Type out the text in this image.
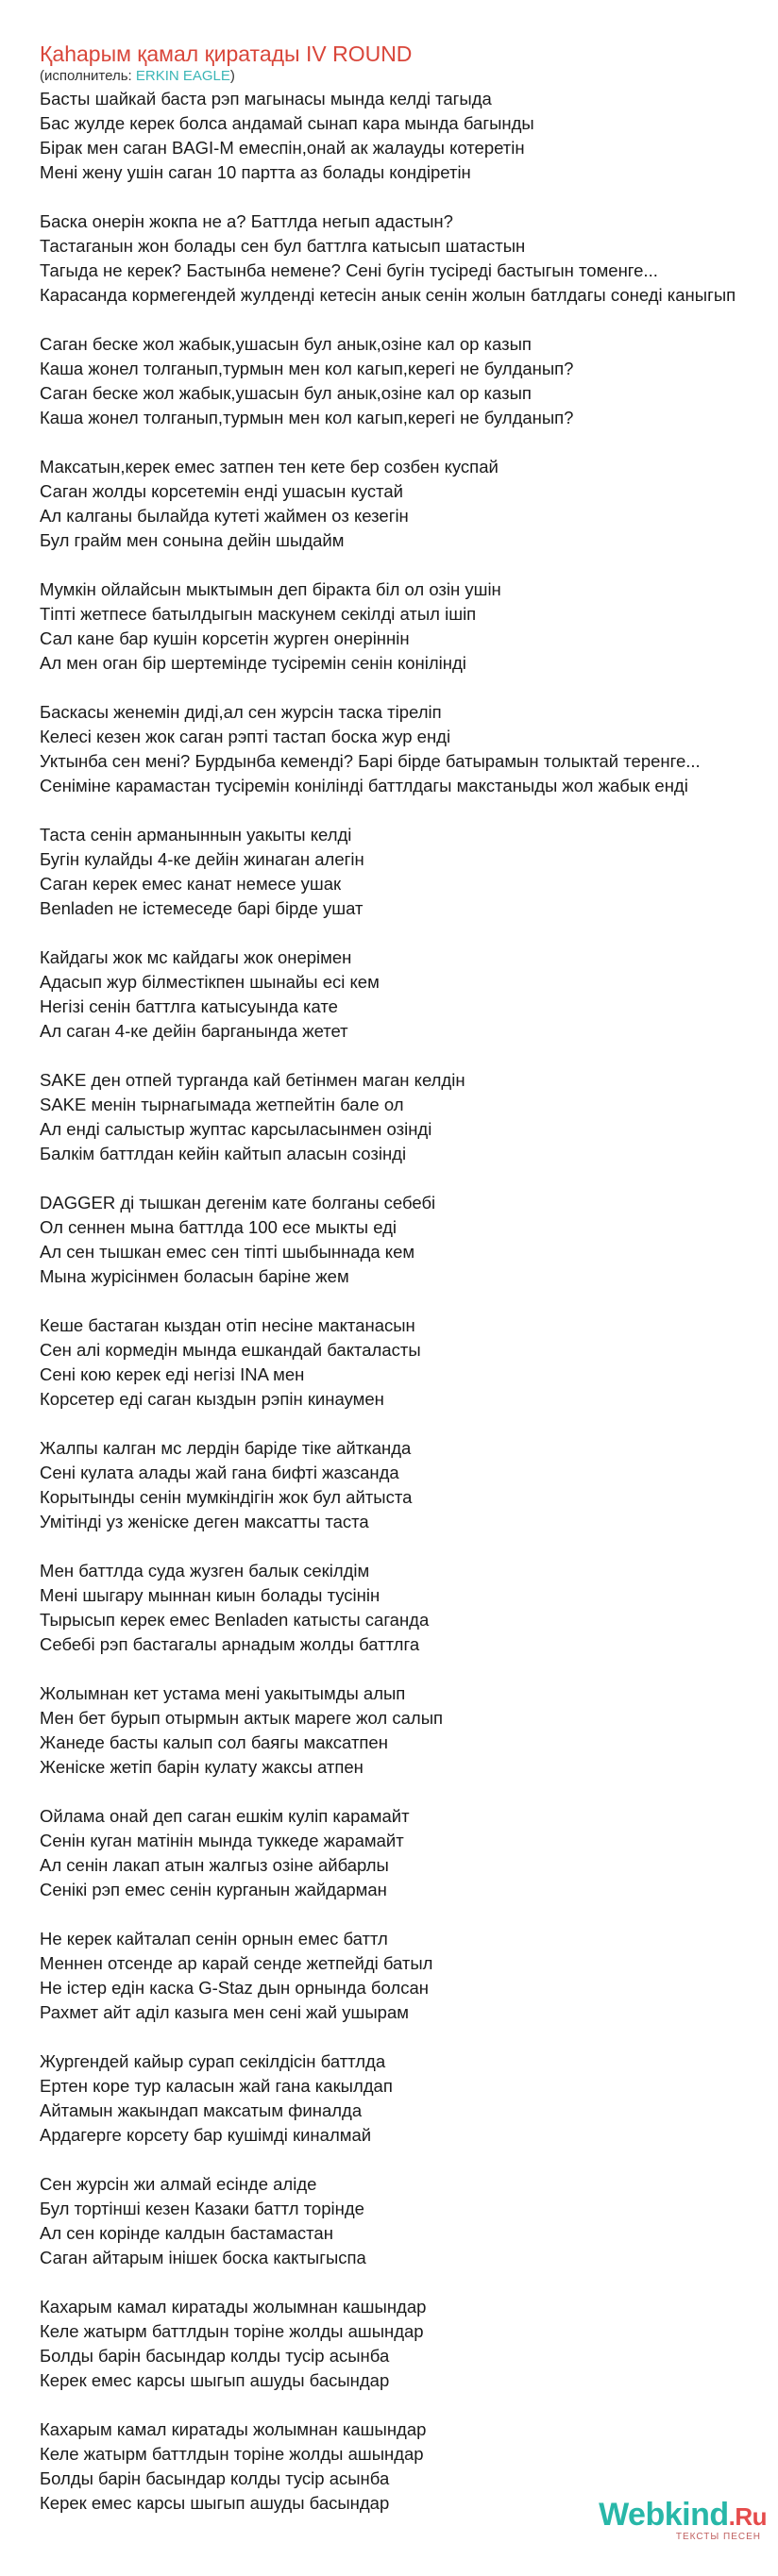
Қаһарым қамал қиратады IV ROUND
(исполнитель: ERKIN EAGLE)
Басты шайкай баста рэп магынасы мында келдi тагыда
Бас жулде керек болса андамай сынап кара мында багынды
Бiрак мен саган BAGI-M емеспiн,онай ак жалауды котеретiн
Менi жену ушiн саган 10 партта аз болады кондiретiн
Баска онерiн жокпа не а? Баттлда негып адастын?
Тастаганын жон болады сен бул баттлга катысып шатастын
Тагыда не керек? Бастынба немене? Сенi бугiн тусiредi бастыгын томенге...
Карасанда кормегендей жулдендi кетесiн анык сенiн жолын батлдагы сонедi каныгып
Саган беске жол жабык,ушасын бул анык,озiне кал ор казып
Каша жонел толганып,турмын мен кол кагып,керегi не булданып?
Саган беске жол жабык,ушасын бул анык,озiне кал ор казып
Каша жонел толганып,турмын мен кол кагып,керегi не булданып?
Максатын,керек емес затпен тен кете бер созбен куспай
Саган жолды корсетемiн ендi ушасын кустай
Ал калганы былайда кутетi жаймен оз кезегiн
Бул грайм мен сонына дейiн шыдайм
Мумкiн ойлайсын мыктымын деп бiракта бiл ол озiн ушiн
Тiптi жетпесе батылдыгын маскунем секiлдi атыл iшiп
Сал кане бар кушiн корсетiн журген онерiннiн
Ал мен оган бiр шертемiнде тусiремiн сенiн конiлiнді
Баскасы женемiн дидi,ал сен журсiн таска тiрелiп
Келесi кезен жок саган рэпті тастап боска жур ендi
Уктынба сен менi? Бурдынба кеменді? Барi бiрде батырамын толыктай теренге...
Сенiмiне карамастан тусiремiн конiлiндi баттлдагы макстаныды жол жабык ендi
Таста сенiн арманыннын уакыты келдi
Бугiн кулайды 4-ке дейiн жинаган алегiн
Саган керек емес канат немесе ушак
Benladen не iстемеседе барi бiрде ушат
Кайдагы жок мс кайдагы жок онерiмен
Адасып жур бiлместiкпен шынайы есi кем
Негiзi сенiн баттлга катысуында кате
Ал саган 4-ке дейiн барганында жетет
SAKE ден отпей турганда кай бетiнмен маган келдiн
SAKE менiн тырнагымада жетпейтiн бале ол
Ал ендi салыстыр жуптас карсыласынмен озiндi
Балкiм баттлдан кейiн кайтып аласын созiндi
DAGGER дi тышкан дегенiм кате болганы себебi
Ол сеннен мына баттлда 100 есе мыкты едi
Ал сен тышкан емес сен тiптi шыбыннада кем
Мына журiсiнмен боласын барiне жем
Кеше бастаган кыздан отiп несiне мактанасын
Сен алi кормедiн мында ешкандай бакталасты
Сенi кою керек едi негiзi INA мен
Корсетер едi саган кыздын рэпiн кинаумен
Жалпы калган мс лердiн барiде тiке айтканда
Сенi кулата алады жай гана бифтi жазсанда
Корытынды сенiн мумкiндiгiн жок бул айтыста
Умiтiндi уз женiске деген максатты таста
Мен баттлда суда жузген балык секiлдiм
Менi шыгару мыннан киын болады тусiнiн
Тырысып керек емес Benladen катысты саганда
Себебi рэп бастагалы арнадым жолды баттлга
Жолымнан кет устама менi уакытымды алып
Мен бет бурып отырмын актык мареге жол салып
Жанеде басты калып сол баягы максатпен
Женiске жетiп барiн кулату жаксы атпен
Ойлама онай деп саган ешкiм кулiп карамайт
Сенiн куган матiнiн мында туккеде жарамайт
Ал сенiн лакап атын жалгыз озiне айбарлы
Сенiкi рэп емес сенiн курганын жайдарман
Не керек кайталап сенiн орнын емес баттл
Меннен отсенде ар карай сенде жетпейдi батыл
Не iстер едiн каска G-Staz дын орнында болсан
Рахмет айт адiл казыга мен сенi жай ушырам
Жургендей кайыр сурап секiлдiсiн баттлда
Ертен коре тур каласын жай гана какылдап
Айтамын жакындап максатым финалда
Ардагерге корсету бар кушiмдi киналмай
Сен журсiн жи алмай есiнде алiде
Бул тортiншi кезен Казаки баттл торiнде
Ал сен корiнде калдын бастамастан
Саган айтарым iнiшек боска кактыгыспа
Кахарым камал киратады жолымнан кашындар
Келе жатырм баттлдын торiне жолды ашындар
Болды барiн басындар колды тусiр асынба
Керек емес карсы шыгып ашуды басындар
Кахарым камал киратады жолымнан кашындар
Келе жатырм баттлдын торiне жолды ашындар
Болды барiн басындар колды тусiр асынба
Керек емес карсы шыгып ашуды басындар	Webkind.Ru
ТЕКСТЫ ПЕСЕН
